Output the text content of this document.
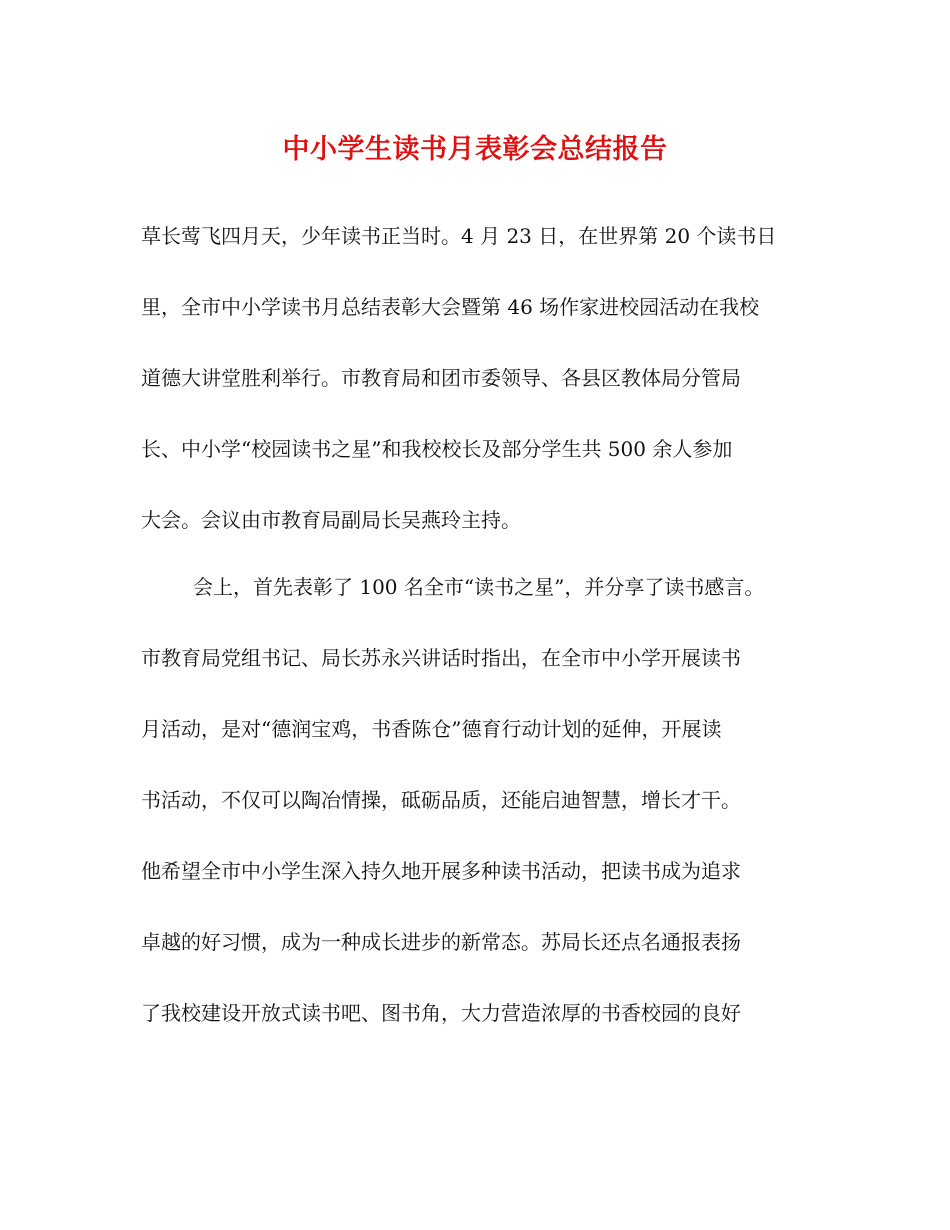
中小学生读书月表彰会总结报告

草长莺飞四月天，少年读书正当时。4 月 23 日，在世界第 20 个读书日

里，全市中小学读书月总结表彰大会暨第 46 场作家进校园活动在我校

道德大讲堂胜利举行。市教育局和团市委领导、各县区教体局分管局

长、中小学“校园读书之星”和我校校长及部分学生共 500 余人参加

大会。会议由市教育局副局长吴燕玲主持。

会上，首先表彰了 100 名全市“读书之星”，并分享了读书感言。

市教育局党组书记、局长苏永兴讲话时指出，在全市中小学开展读书

月活动，是对“德润宝鸡，书香陈仓”德育行动计划的延伸，开展读

书活动，不仅可以陶冶情操，砥砺品质，还能启迪智慧，增长才干。

他希望全市中小学生深入持久地开展多种读书活动，把读书成为追求

卓越的好习惯，成为一种成长进步的新常态。苏局长还点名通报表扬

了我校建设开放式读书吧、图书角，大力营造浓厚的书香校园的良好
